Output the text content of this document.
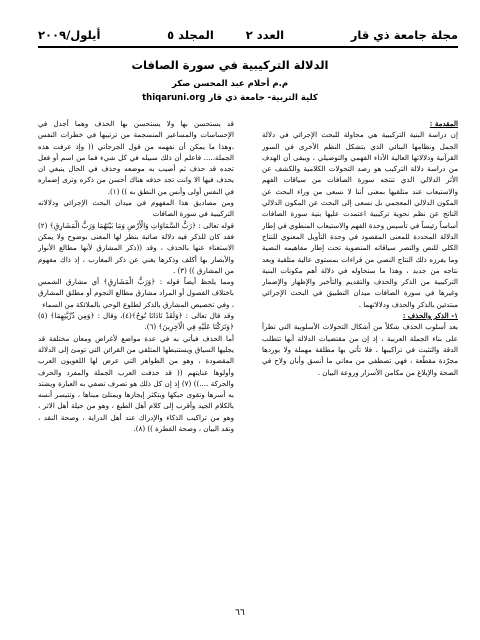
مجلة جامعة ذي قار
العدد ٢
المجلد ٥
أيلول/٢٠٠٩
الدلالة التركيبية في سورة الصافات
م.م أحلام عبد المحسن صكر
كلية التربية- جامعة ذي قار thiqaruni.org

المقدمة :

إن دراسة البنية التركيبية هي محاولة للبحث الإجرائي في دلالة الجمل ونظامها البنائي الذي يتشكل النظم الأخرى في السور القرآنية ودلالاتها العالية الأداء الفهمي والتوصيلي ، ويبقى أن الهدف من دراسة دلالة التركيب هو رصد التحولات الكلامية والكشف عن الأثر الدلالي الذي تنتجه سورة الصافات من سياقات الفهم والاستيعاب عند متلقيها بمعنى أننا لا نسعى من وراء البحث عن المكون الدلالي المعجمي بل نسعى إلى البحث عن المكون الدلالي الناتج عن نظم نحوية تركيبية اعتمدت عليها بنية سورة الصافات أساساً رئيساً في تأسيس وحدة الفهم والاستيعاب المنطوي في إطار الدلالة المحددة للمعنى المقصود في وحدة التأويل المعنوي للنتاج الكلي للنص والتصر سياقاته المنضوية تحت إطار مفاهيمه النصية وما يفرزه ذلك النتاج النصي من قراءات بمستوى عالية متلقية وبعد نتاجه من جديد ، وهذا ما سنحاوله في دلالة أهم مكونات البنية التركيبية من الذكر والحذف والتقديم والتأخير والإظهار والإضمار وغيرها في سورة الصافات ميدان التطبيق في البحث الإجرائي مبتدئين بالذكر والحذف ودلالاتهما .

١- الذكر والحذف :

يعد أسلوب الحذف شكلاً من أشكال التحولات الأسلوبية التي تطرأ على بناء الجملة العربية ، إذ إن من مقتضيات الدلالة أنها تتطلب الدقة والتثبت في تراكيبها ، فلا تأتي بها مطلقة مهملة ولا بوردها مجرّدة مقطّعة ، فهي تصطفي من معاني ما أنسق وأبان ولاح في الصحة والإبلاغ من مكامن الأسرار وروعة البيان .

قد يستحسن بها ولا يستحسن بها الحذف وهما أجدل في الإحساسات والمساعير المنسجمة من ترتيبها في خطرات النفس ،وهذا ما يمكن أن نفهمه من قول الجرجاني (( وإذ عرفت هذه الجملة..... فاعلم أن ذلك سبيله في كل شيء فما من اسم أو فعل تجده قد حذف ثم أصيب به موضعه وحذف في الحال ينبغي ان يحذف فيها الا وانت تجد حذفه هناك أحسن من ذكره وترى إضماره في النفس أولى وأنس من النطق به )) (١).

ومن مصاديق هذا المفهوم في ميدان البحث الإجرائي ودلالاته التركيبية في سورة الصافات

قوله تعالى : ﴿رَبُّ السَّمَاوَاتِ وَالْأَرْضِ وَمَا بَيْنَهُمَا وَرَبُّ الْمَشَارِقِ﴾ (٢) فقد كان للذكر فيه دلالة صائبة بنظر لها المعنى بوضوح ولا يمكن الاستغناء عنها بالحذف ، وقد ((ذكر المشارق لأنها مطالع الأنوار والأبصار بها أكلف وذكرها يغني عن ذكر المغارب ، إذ ذاك مفهوم من المشارق )) (٣) .

ومما يلحظ أيضاً قوله : ﴿وَرَبُّ الْمَشَارِقِ﴾ أي مشارق الشمس باختلاف الفصول أو المراد مشارق مطالع النجوم أو مطلق المشارق ، وفي تخصيص المشارق بالذكر لطلوع الوحي بالملائكة من السماء

وقد قال تعالى : ﴿وَلَقَدْ نَادَانَا نُوحٌ﴾(٤)، وقال : ﴿وَمِن ذُرِّيَّتِهِمَا﴾ (٥) ﴿وَتَرَكْنَا عَلَيْهِ فِي الْآخِرِينَ﴾ (٦).

أما الحذف فيأتي به في عدة مواضع لأغراض ومعان مختلفة قد يجليها السياق ويستنبطها المتلقي من القرائن التي تومئ إلى الدلالة المقصودة ، وهو من الظواهر التي عرض لها اللغويون العرب وأولوها عنايتهم (( قد حذفت العرب الجملة والمفرد والحرف والحركة ....)) (٧) إذ إن كل ذلك هو تصرف تصفي به العبارة ويشتد به أسرها وتقوى حبكها وبتكثر إيجازها ويمتلئ مبناها ، وتتيسر أنسه بالكلام الجيد وأقرب إلى كلام أهل الطبع ، وهو من حيلة أهل الاثر ، وهو من تراكيب الذكاء والإدراك عند أهل الدراية ، وصحة النقد ، ونقد البيان ، وصحة الفطرة )) (٨).

٦٦
